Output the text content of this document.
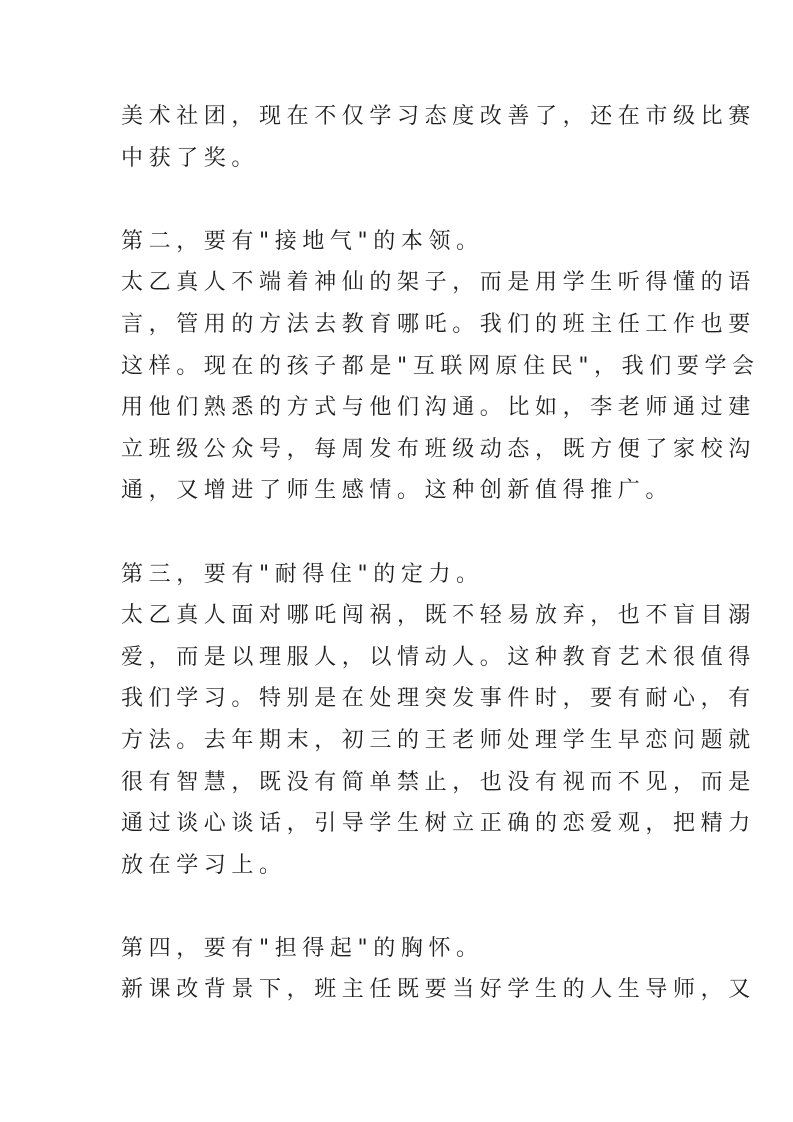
美术社团，现在不仅学习态度改善了，还在市级比赛
中获了奖。
第二，要有"接地气"的本领。
太乙真人不端着神仙的架子，而是用学生听得懂的语
言，管用的方法去教育哪吒。我们的班主任工作也要
这样。现在的孩子都是"互联网原住民"，我们要学会
用他们熟悉的方式与他们沟通。比如，李老师通过建
立班级公众号，每周发布班级动态，既方便了家校沟
通，又增进了师生感情。这种创新值得推广。
第三，要有"耐得住"的定力。
太乙真人面对哪吒闯祸，既不轻易放弃，也不盲目溺
爱，而是以理服人，以情动人。这种教育艺术很值得
我们学习。特别是在处理突发事件时，要有耐心，有
方法。去年期末，初三的王老师处理学生早恋问题就
很有智慧，既没有简单禁止，也没有视而不见，而是
通过谈心谈话，引导学生树立正确的恋爱观，把精力
放在学习上。
第四，要有"担得起"的胸怀。
新课改背景下，班主任既要当好学生的人生导师，又
